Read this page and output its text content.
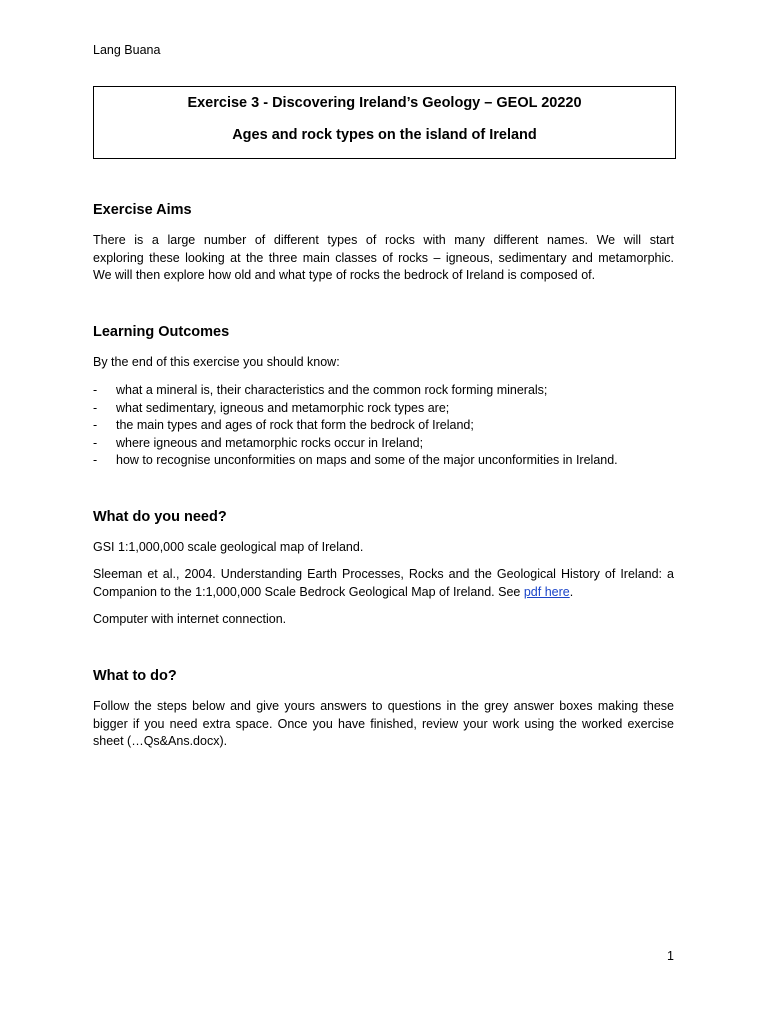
Lang Buana
Exercise 3 - Discovering Ireland’s Geology – GEOL 20220
Ages and rock types on the island of Ireland
Exercise Aims
There is a large number of different types of rocks with many different names. We will start
exploring these looking at the three main classes of rocks – igneous, sedimentary and metamorphic.
We will then explore how old and what type of rocks the bedrock of Ireland is composed of.
Learning Outcomes
By the end of this exercise you should know:
- what a mineral is, their characteristics and the common rock forming minerals;
- what sedimentary, igneous and metamorphic rock types are;
- the main types and ages of rock that form the bedrock of Ireland;
- where igneous and metamorphic rocks occur in Ireland;
- how to recognise unconformities on maps and some of the major unconformities in Ireland.
What do you need?
GSI 1:1,000,000 scale geological map of Ireland.
Sleeman et al., 2004. Understanding Earth Processes, Rocks and the Geological History of Ireland: a
Companion to the 1:1,000,000 Scale Bedrock Geological Map of Ireland. See pdf here.
Computer with internet connection.
What to do?
Follow the steps below and give yours answers to questions in the grey answer boxes making these
bigger if you need extra space. Once you have finished, review your work using the worked exercise
sheet (…Qs&Ans.docx).
1
